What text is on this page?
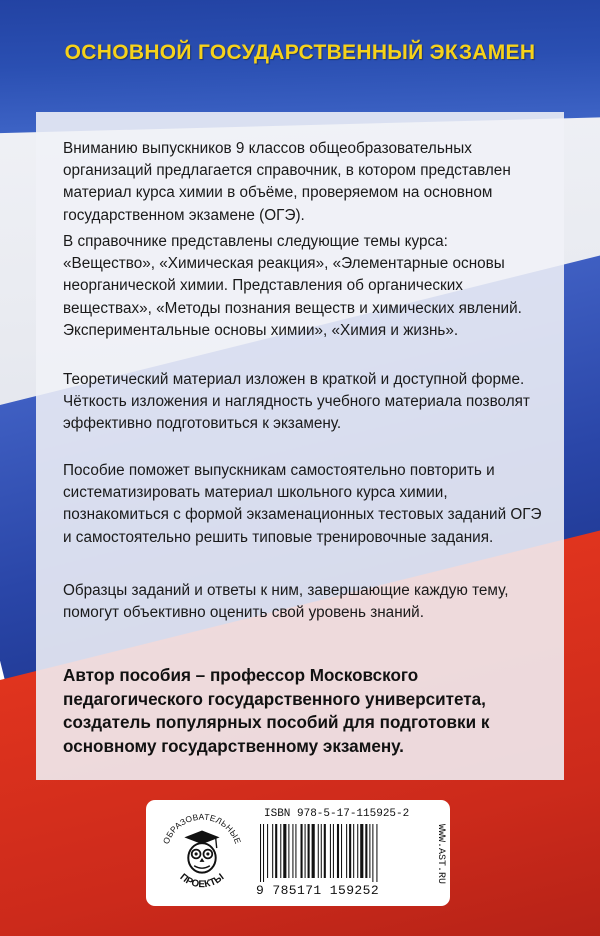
ОСНОВНОЙ ГОСУДАРСТВЕННЫЙ ЭКЗАМЕН

Вниманию выпускников 9 классов общеобразовательных организаций предлагается справочник, в котором представлен материал курса химии в объёме, проверяемом на основном государственном экзамене (ОГЭ).

В справочнике представлены следующие темы курса: «Вещество», «Химическая реакция», «Элементарные основы неорганической химии. Представления об органических веществах», «Методы познания веществ и химических явлений. Экспериментальные основы химии», «Химия и жизнь».

Теоретический материал изложен в краткой и доступной форме. Чёткость изложения и наглядность учебного материала позволят эффективно подготовиться к экзамену.

Пособие поможет выпускникам самостоятельно повторить и систематизировать материал школьного курса химии, познакомиться с формой экзаменационных тестовых заданий ОГЭ и самостоятельно решить типовые тренировочные задания.

Образцы заданий и ответы к ним, завершающие каждую тему, помогут объективно оценить свой уровень знаний.

Автор пособия – профессор Московского педагогического государственного университета, создатель популярных пособий для подготовки к основному государственному экзамену.

ОБРАЗОВАТЕЛЬНЫЕ
ПРОЕКТЫ
ISBN 978-5-17-115925-2
9 785171 159252
WWW.AST.RU
